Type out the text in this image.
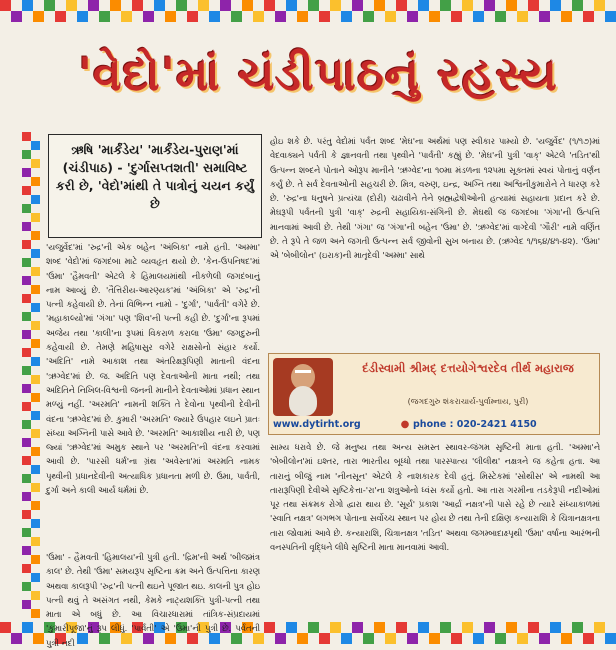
'વેદો'માં ચંડીપાઠનું રહસ્ય
ઋષિ 'માર્કંડેય' 'માર્કંડેય-પુરાણ'માં (ચંડીપાઠ) - 'દુર્ગાસપ્તશતી' સમાવિષ્ટ કરી છે, 'વેદો'માંથી તે પાત્રોનું ચયન કર્યું છે
'યજુર્વેદ'માં 'રુદ્ર'ની એક બહેન 'અંબિકા' નામે હતી. 'અમ્મા' શબ્દ 'વેદો'માં જગદંબા માટે વ્યવહૃત થયો છે. 'કેન-ઉપનિષદ'માં 'ઉમા' 'હૈમવતી' એટલે કે હિમાલયમાંથી નીકળેલી જગદંબાનું નામ આવ્યું છે. 'તૈત્તિરીય-આરણ્યક'માં 'અંબિકા' એ 'રુદ્ર'ની પત્ની કહેવાયી છે. તેનાં વિભિન્ન નામો - 'દુર્ગા', 'પાર્વતી' વગેરે છે. 'મહાકાલ્યો'માં 'ગંગા' પણ 'શિવ'ની પત્ની કહી છે. 'દુર્ગા'ના રૂપમાં અજેય તથા 'કાલી'ના રૂપમાં વિકરાળ કરાલા 'ઉમા' જગદુરુની કહેવાયી છે. તેમણે મહિષાસુર વગેરે રાક્ષસોનો સંહાર કર્યો. 'અદિતિ' નામે આકાશ તથા અંતરિક્ષરૂપિણી માતાની વંદના 'ઋગ્વેદ'માં છે. જ. અદિતિ પણ દેવતાઓની માતા નથી; તથા અદિતિને નિખિલ-વિશ્વની જનની માનીને દેવતાઓમાં પ્રધાન સ્થાન મળ્યું નહીં. 'અરમતિ' નામની શક્તિ તે દેવોના પૃથ્વીની દેવીની વંદના 'ઋગ્વેદ'માં છે. કુમારી 'અરમતિ' જ્યારે ઉપહાર લઇને પ્રાતઃ સંધ્યા અગ્નિની પાસે આવે છે. 'અરમતિ' આકાશીય નારી છે, પણ જ્યાં 'ઋગ્વેદ'માં અમુક સ્થાને પર 'અરમતિ'ની વંદના કરવામાં આવી છે. 'પારસી ધર્મ'ના ગ્રંથ 'અવેસ્તા'માં અરમતિ નામક પૃથ્વીની પ્રધાનદેવીની અત્યાધિક પ્રધાનતા મળી છે. ઉમા, પાર્વતી, દુર્ગા અને કાલી આર્ય ધર્મમાં છે.
'ઉમા' - હૈમવતી 'હિમાલય'ની પુત્રી હતી. 'દ્રિમ'ની અર્થ 'બીજમંત્ર કાલ' છે. તેથી 'ઉમા' સમયરૂપ સૃષ્ટિના ક્રમ અને ઉત્પત્તિના કારણ અથવા કાલરૂપી 'રુદ્ર'ની પત્ની થઇને પૂજાત થઇ. કાલની પુત્ર હોઇ પત્ની થવું તે અસંગત નથી, કેમકે નાટ્યશક્તિ પુત્રી-પત્ની તથા માતા એ બધું છે. આ વિચારધારામાં તાંત્રિક-સંપ્રદાયમાં 'કુમારીપૂજા'નું રૂપ લીધું. 'પાર્વતી' એ 'ઉમા'ની પુત્રી છે. પર્વતની પુત્રી નદી
હોઇ શકે છે. પરંતુ વેદોમાં પર્વત શબ્દ 'મેઘ'ના અર્થમાં પણ સ્વીકાર પામ્યો છે. 'યજુર્વેદ' (૧/૧૭)માં વેદવાક્યને પર્વતી કે જ્ઞાનવતી તથા પૃથ્વીને 'પાર્વતી' કહ્યું છે. 'મેઘ'ની પુત્રી 'વાક્' એટલે 'તડિત'થી ઉત્પન્ન શબ્દને પોતાને ઓરૂપ માનીને 'ઋગ્વેદ'ના ૧૦મા મંડળના ૧૨૫મા સૂક્તમાં સ્વયં પોતાનું વર્ણન કર્યું છે. તે સર્વ દેવતાઓની સહચરી છે. મિત્ર, વરુણ, ઇન્દ્ર, અગ્નિ તથા અશ્વિનીકુમારોને તે ધારણ કરે છે. 'રુદ્ર'ના ધનુષને પ્રત્યંચા (દોરી) ચઢાવીને તેને બ્રહ્મદ્વેષીઓની હત્યામાં સહાયતા પ્રદાન કરે છે. મેઘરૂપી પર્વતની પુત્રી 'વાક્' રુદ્રની સહાયિકા-સંગિની છે. મેઘથી જ જગદંબા 'ગંગા'ની ઉત્પત્તિ માનવામાં આવી છે. તેથી 'ગંગા' જ 'ગંગા'ની બહેન 'ઉમા' છે. 'ઋગ્વેદ'માં વાગ્દેવી 'ગૌરી' નામે વર્ણિત છે. તે રૂપે તે જળ અને જગતી ઉત્પન્ન સર્વ જીવોની સુખ બનાય છે. (ઋગ્વેદ ૧/૧૬૪/૪૧-૪૨). 'ઉમા' એ 'બેબીલોન' (ઇરાક)ની માતૃદેવી 'અમ્મા' સાથે
દંડીસ્વામી શ્રીમદ્ દત્તયોગેશ્વરદેવ તીર્થ મહારાજ
(જગદગુરુ શંકરાચાર્ય-પુર્વામ્નાય, પુરી)
www.dytirht.org	● phone : 020-2421 4150
સામ્ય ધરાવે છે. જે મનુષ્ય તથા અન્ય સમસ્ત સ્થાવર-જંગમ સૃષ્ટિની માતા હતી. 'અમ્મા'ને 'બેબીલોન'માં ઇશ્તર, તારા ભારતીય બૂધ્ધો તથા પારસ્પાત્ય 'લીલીથ' નક્ષત્રને જ કહેતા હતા. આ તારાનું બીજું નામ 'નીનસૂન' એટલે કે નાશકારક દેવી હતું. મિસ્ટેકમાં 'સોથીસ' એ નામથી આ તારારૂપિણી દેવીએ સૃષ્ટિકેત્તા-'રા'ના શત્રુઓનો ધ્વંસ કર્યો હતો. આ તારા ગરમીના તડકેરૂપી નદીઓમાં પૂર તથા સંક્રમક રોગો દ્વારા થાય છે. 'સૂર્ય' પ્રકાશ 'આર્દ્રા નક્ષત્ર'ની પાસે રહે છે ત્યારે સંધ્યાકાળમાં 'સ્વાતિ નક્ષત્ર' લગભગ પોતાના સર્વોચ્ચ સ્થાન પર હોય છે તથા તેની દક્ષિણ કન્યારાશિ કે ચિત્રાનક્ષત્રના તારા જોવામાં આવે છે. કન્યારાશિ, ચિત્રાનક્ષત્ર 'તડિત' અથવા જગમ્બાદાક્ષ્પૃથી 'ઉમા' વર્ષાના આરંભની વનસ્પતિની વૃદ્ધિને લીધે સૃષ્ટિની માતા માનવામાં આવી.
